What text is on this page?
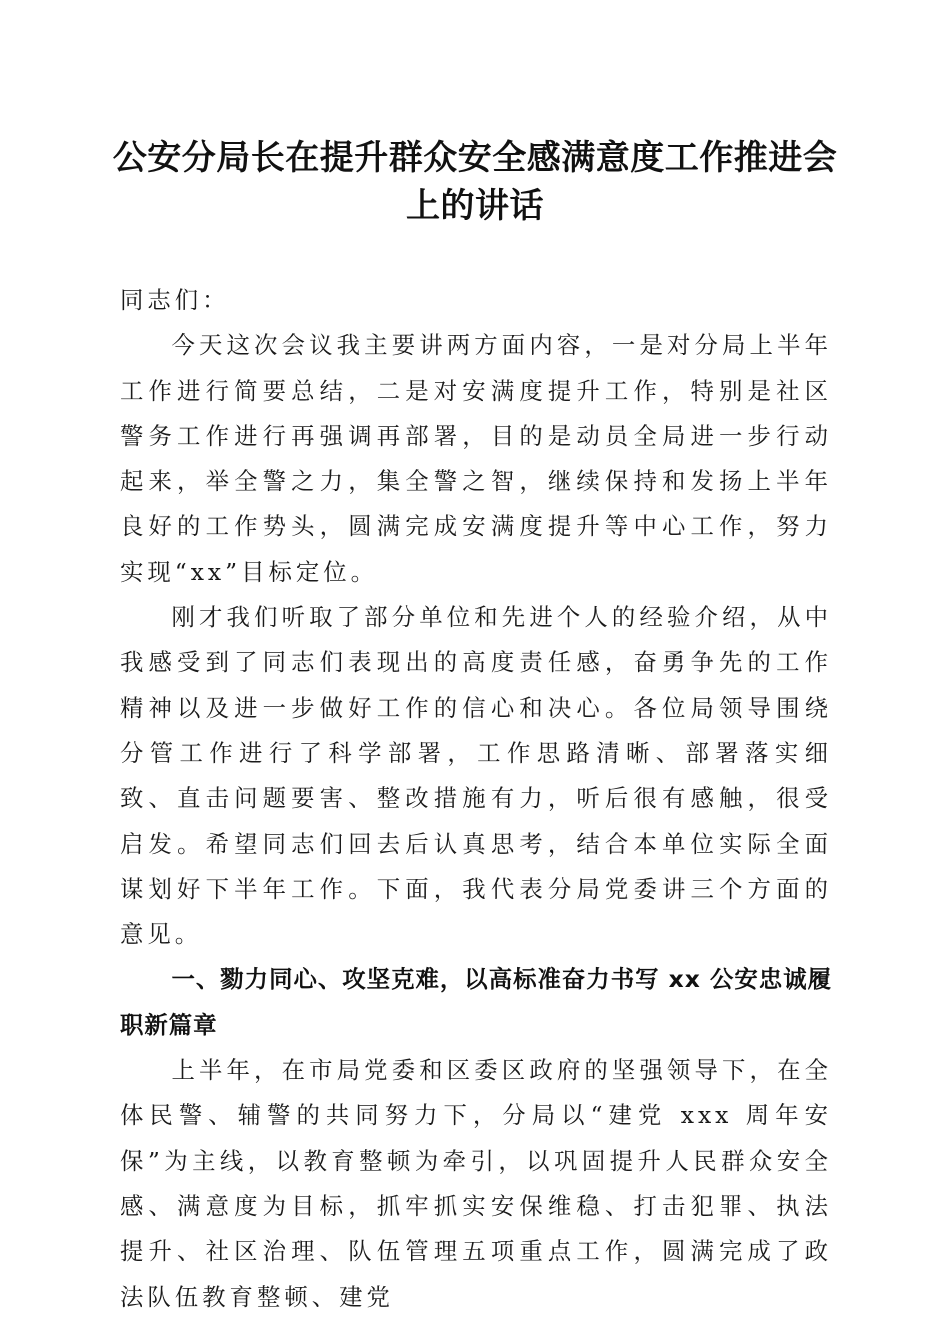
公安分局长在提升群众安全感满意度工作推进会上的讲话

同志们：

今天这次会议我主要讲两方面内容，一是对分局上半年工作进行简要总结，二是对安满度提升工作，特别是社区警务工作进行再强调再部署，目的是动员全局进一步行动起来，举全警之力，集全警之智，继续保持和发扬上半年良好的工作势头，圆满完成安满度提升等中心工作，努力实现“xx”目标定位。

刚才我们听取了部分单位和先进个人的经验介绍，从中我感受到了同志们表现出的高度责任感，奋勇争先的工作精神以及进一步做好工作的信心和决心。各位局领导围绕分管工作进行了科学部署，工作思路清晰、部署落实细致、直击问题要害、整改措施有力，听后很有感触，很受启发。希望同志们回去后认真思考，结合本单位实际全面谋划好下半年工作。下面，我代表分局党委讲三个方面的意见。

一、勠力同心、攻坚克难，以高标准奋力书写 xx 公安忠诚履职新篇章

上半年，在市局党委和区委区政府的坚强领导下，在全体民警、辅警的共同努力下，分局以“建党 xxx 周年安保”为主线，以教育整顿为牵引，以巩固提升人民群众安全感、满意度为目标，抓牢抓实安保维稳、打击犯罪、执法提升、社区治理、队伍管理五项重点工作，圆满完成了政法队伍教育整顿、建党
